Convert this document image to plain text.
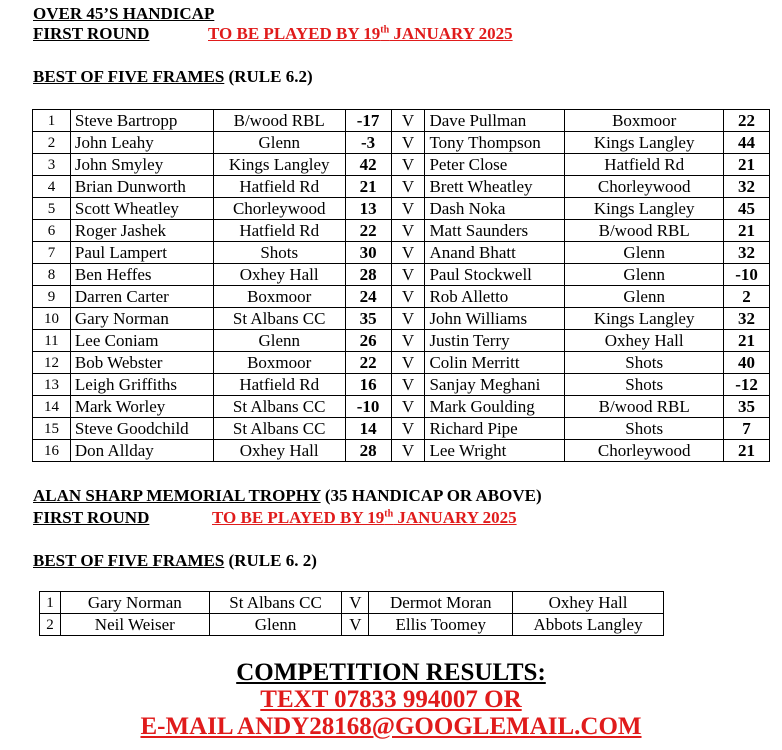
OVER 45’S HANDICAP
FIRST ROUND	TO BE PLAYED BY 19th JANUARY 2025
BEST OF FIVE FRAMES (RULE 6.2)
1	Steve Bartropp	B/wood RBL	-17	V	Dave Pullman	Boxmoor	22
2	John Leahy	Glenn	-3	V	Tony Thompson	Kings Langley	44
3	John Smyley	Kings Langley	42	V	Peter Close	Hatfield Rd	21
4	Brian Dunworth	Hatfield Rd	21	V	Brett Wheatley	Chorleywood	32
5	Scott Wheatley	Chorleywood	13	V	Dash Noka	Kings Langley	45
6	Roger Jashek	Hatfield Rd	22	V	Matt Saunders	B/wood RBL	21
7	Paul Lampert	Shots	30	V	Anand Bhatt	Glenn	32
8	Ben Heffes	Oxhey Hall	28	V	Paul Stockwell	Glenn	-10
9	Darren Carter	Boxmoor	24	V	Rob Alletto	Glenn	2
10	Gary Norman	St Albans CC	35	V	John Williams	Kings Langley	32
11	Lee Coniam	Glenn	26	V	Justin Terry	Oxhey Hall	21
12	Bob Webster	Boxmoor	22	V	Colin Merritt	Shots	40
13	Leigh Griffiths	Hatfield Rd	16	V	Sanjay Meghani	Shots	-12
14	Mark Worley	St Albans CC	-10	V	Mark Goulding	B/wood RBL	35
15	Steve Goodchild	St Albans CC	14	V	Richard Pipe	Shots	7
16	Don Allday	Oxhey Hall	28	V	Lee Wright	Chorleywood	21
ALAN SHARP MEMORIAL TROPHY (35 HANDICAP OR ABOVE)
FIRST ROUND	TO BE PLAYED BY 19th JANUARY 2025
BEST OF FIVE FRAMES (RULE 6. 2)
1	Gary Norman	St Albans CC	V	Dermot Moran	Oxhey Hall
2	Neil Weiser	Glenn	V	Ellis Toomey	Abbots Langley
COMPETITION RESULTS:
TEXT 07833 994007 OR
E-MAIL ANDY28168@GOOGLEMAIL.COM
